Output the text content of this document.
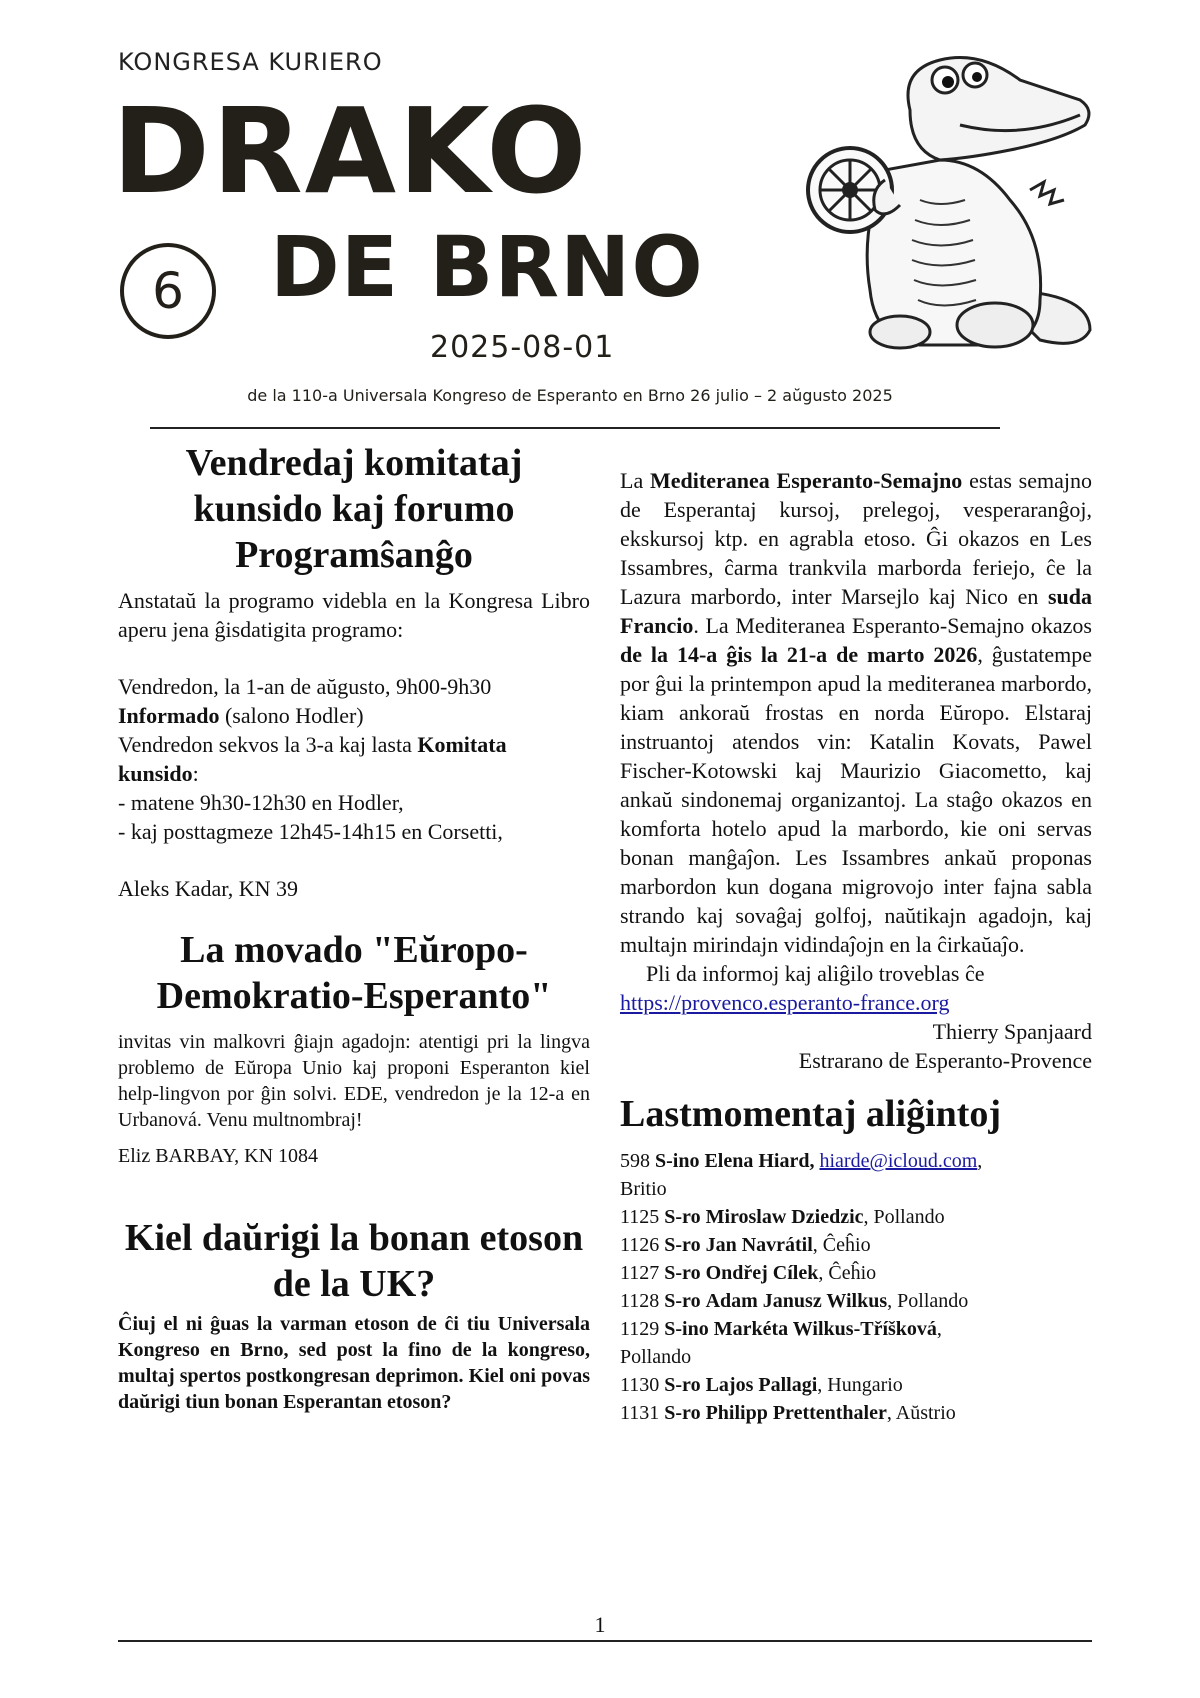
KONGRESA KURIERO
DRAKO
6 DE BRNO
2025-08-01
de la 110-a Universala Kongreso de Esperanto en Brno 26 julio – 2 aŭgusto 2025
Vendredaj komitataj kunsido kaj forumo Programŝanĝo

Anstataŭ la programo videbla en la Kongresa Libro aperu jena ĝisdatigita programo:

Vendredon, la 1-an de aŭgusto, 9h00-9h30

Informado (salono Hodler)

Vendredon sekvos la 3-a kaj lasta Komitata kunsido:

- matene 9h30-12h30 en Hodler,

- kaj posttagmeze 12h45-14h15 en Corsetti,

Aleks Kadar, KN 39

La movado "Eŭropo-Demokratio-Esperanto"

invitas vin malkovri ĝiajn agadojn: atentigi pri la lingva problemo de Eŭropa Unio kaj proponi Esperanton kiel help-lingvon por ĝin solvi. EDE, vendredon je la 12-a en Urbanová. Venu multnombraj!

Eliz BARBAY, KN 1084

Kiel daŭrigi la bonan etoson de la UK?

Ĉiuj el ni ĝuas la varman etoson de ĉi tiu Universala Kongreso en Brno, sed post la fino de la kongreso, multaj spertos postkongresan deprimon. Kiel oni povas daŭrigi tiun bonan Esperantan etoson?

La Mediteranea Esperanto-Semajno estas semajno de Esperantaj kursoj, prelegoj, vesperaranĝoj, ekskursoj ktp. en agrabla etoso. Ĝi okazos en Les Issambres, ĉarma trankvila marborda feriejo, ĉe la Lazura marbordo, inter Marsejlo kaj Nico en suda Francio. La Mediteranea Esperanto-Semajno okazos de la 14-a ĝis la 21-a de marto 2026, ĝustatempe por ĝui la printempon apud la mediteranea marbordo, kiam ankoraŭ frostas en norda Eŭropo. Elstaraj instruantoj atendos vin: Katalin Kovats, Pawel Fischer-Kotowski kaj Maurizio Giacometto, kaj ankaŭ sindonemaj organizantoj. La staĝo okazos en komforta hotelo apud la marbordo, kie oni servas bonan manĝaĵon. Les Issambres ankaŭ proponas marbordon kun dogana migrovojo inter fajna sabla strando kaj sovaĝaj golfoj, naŭtikajn agadojn, kaj multajn mirindajn vidindaĵojn en la ĉirkaŭaĵo.

Pli da informoj kaj aliĝilo troveblas ĉe

https://provenco.esperanto-france.org

Thierry Spanjaard

Estrarano de Esperanto-Provence

Lastmomentaj aliĝintoj
598 S-ino Elena Hiard, hiarde@icloud.com,
Britio
1125 S-ro Miroslaw Dziedzic, Pollando
1126 S-ro Jan Navrátil, Ĉeĥio
1127 S-ro Ondřej Cílek, Ĉeĥio
1128 S-ro Adam Janusz Wilkus, Pollando
1129 S-ino Markéta Wilkus-Tříšková,
Pollando
1130 S-ro Lajos Pallagi, Hungario
1131 S-ro Philipp Prettenthaler, Aŭstrio
1
